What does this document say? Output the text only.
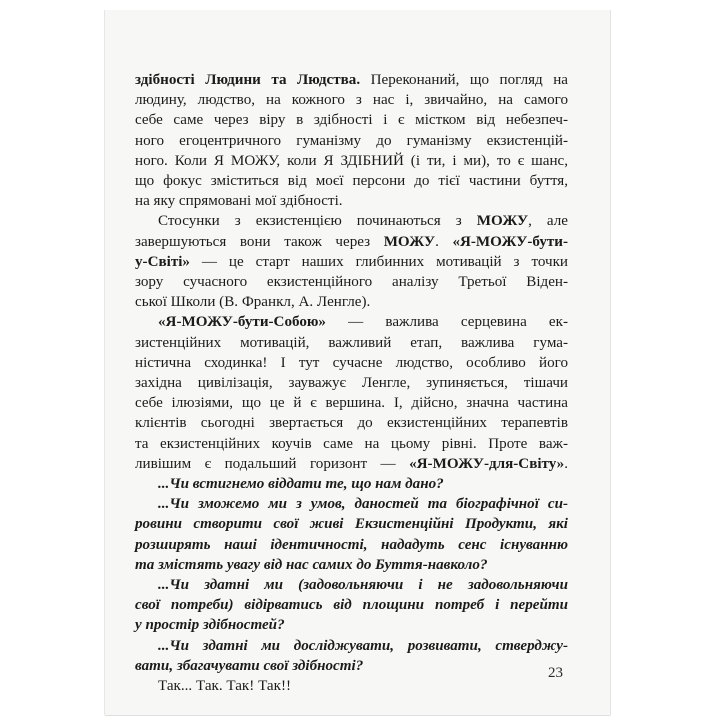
здібності Людини та Людства. Переконаний, що погляд на
людину, людство, на кожного з нас і, звичайно, на самого
себе саме через віру в здібності і є містком від небезпеч-
ного егоцентричного гуманізму до гуманізму екзистенцій-
ного. Коли Я МОЖУ, коли Я ЗДІБНИЙ (і ти, і ми), то є шанс,
що фокус зміститься від моєї персони до тієї частини буття,
на яку спрямовані мої здібності.
Стосунки з екзистенцією починаються з МОЖУ, але
завершуються вони також через МОЖУ. «Я-МОЖУ-бути-
у-Світі» — це старт наших глибинних мотивацій з точки
зору сучасного екзистенційного аналізу Третьої Віден-
ської Школи (В. Франкл, А. Ленгле).
«Я-МОЖУ-бути-Собою» — важлива серцевина ек-
зистенційних мотивацій, важливий етап, важлива гума-
ністична сходинка! І тут сучасне людство, особливо його
західна цивілізація, зауважує Ленгле, зупиняється, тішачи
себе ілюзіями, що це й є вершина. І, дійсно, значна частина
клієнтів сьогодні звертається до екзистенційних терапевтів
та екзистенційних коучів саме на цьому рівні. Проте важ-
ливішим є подальший горизонт — «Я-МОЖУ-для-Світу».
...Чи встигнемо віддати те, що нам дано?
...Чи зможемо ми з умов, даностей та біографічної си-
ровини створити свої живі Екзистенційні Продукти, які
розширять наші ідентичності, нададуть сенс існуванню
та змістять увагу від нас самих до Буття-навколо?
...Чи здатні ми (задовольняючи і не задовольняючи
свої потреби) відірватись від площини потреб і перейти
у простір здібностей?
...Чи здатні ми досліджувати, розвивати, стверджу-
вати, збагачувати свої здібності?
Так... Так. Так! Так!!
23
